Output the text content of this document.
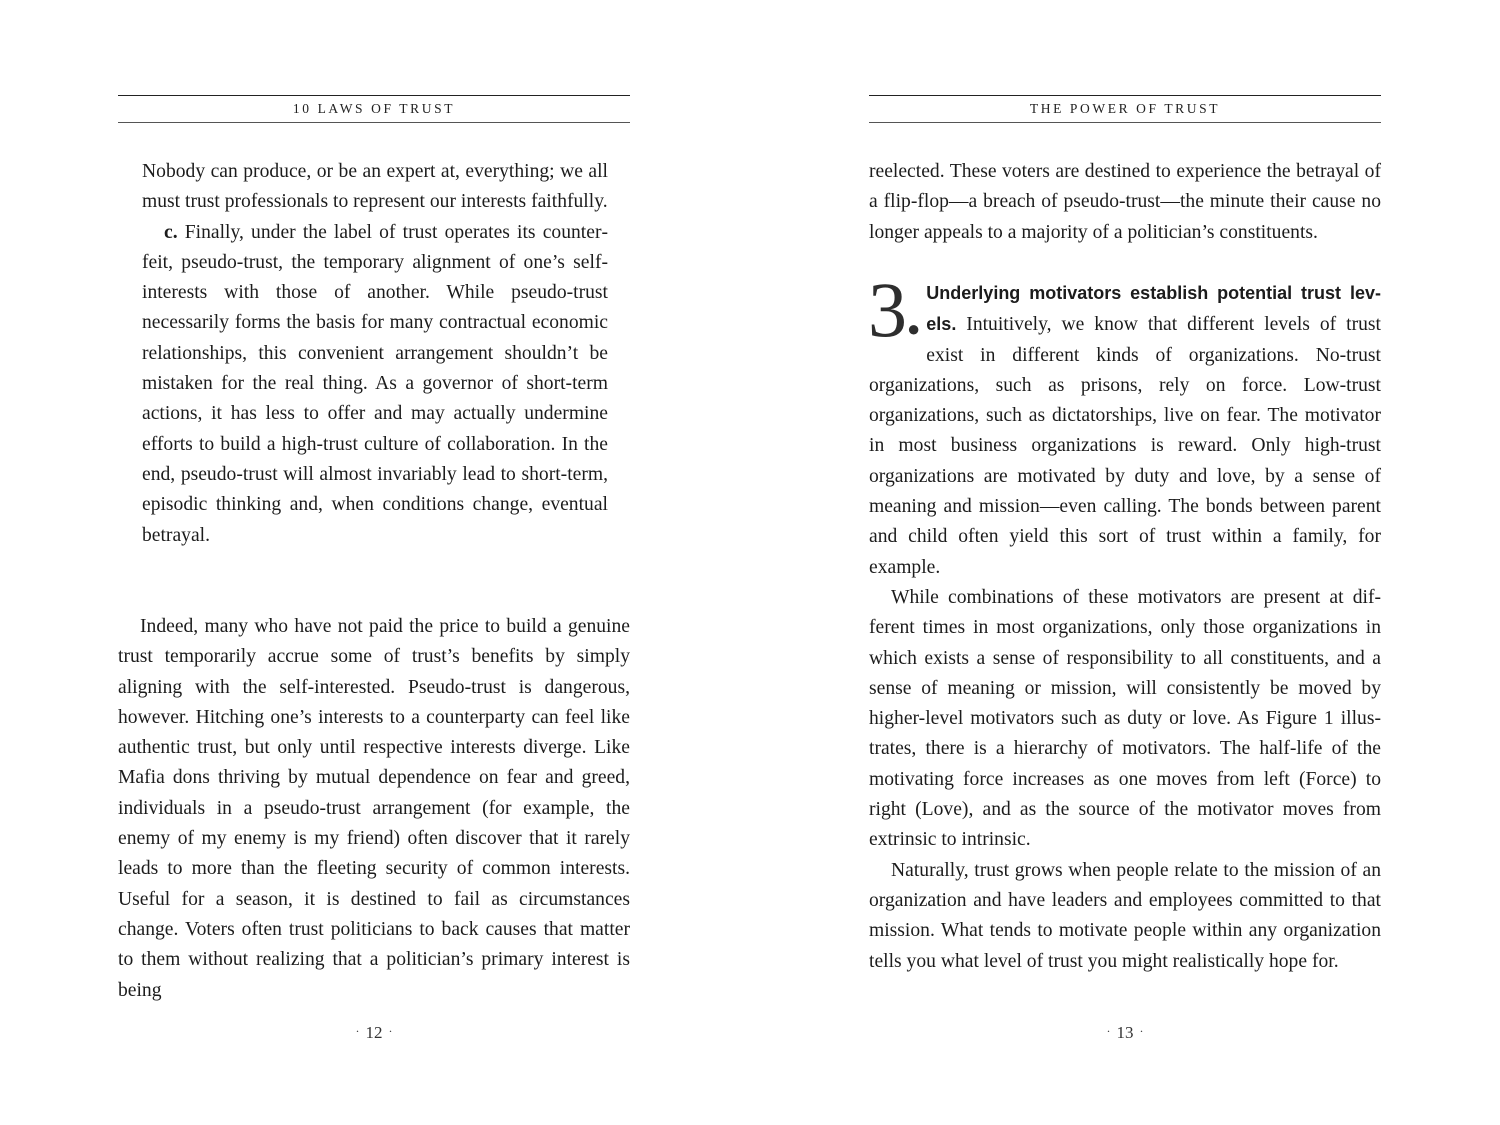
10 LAWS OF TRUST

Nobody can produce, or be an expert at, everything; we all must trust professionals to represent our interests faithfully.

c. Finally, under the label of trust operates its counterfeit, pseudo-trust, the temporary alignment of one’s self-interests with those of another. While pseudo-trust necessarily forms the basis for many contractual economic relationships, this convenient arrangement shouldn’t be mistaken for the real thing. As a governor of short-term actions, it has less to offer and may actually undermine efforts to build a high-trust culture of collaboration. In the end, pseudo-trust will almost invariably lead to short-term, episodic thinking and, when conditions change, eventual betrayal.

Indeed, many who have not paid the price to build a genuine trust temporarily accrue some of trust’s benefits by simply aligning with the self-interested. Pseudo-trust is dangerous, however. Hitching one’s interests to a counterparty can feel like authentic trust, but only until respective interests diverge. Like Mafia dons thriving by mutual dependence on fear and greed, individuals in a pseudo-trust arrangement (for example, the enemy of my enemy is my friend) often discover that it rarely leads to more than the fleeting security of common interests. Useful for a season, it is destined to fail as circumstances change. Voters often trust politicians to back causes that matter to them without realizing that a politician’s primary interest is being

· 12 ·
THE POWER OF TRUST

reelected. These voters are destined to experience the betrayal of a flip-flop—a breach of pseudo-trust—the minute their cause no longer appeals to a majority of a politician’s constituents.

3●
Underlying motivators establish potential trust levels. Intuitively, we know that different levels of trust exist in different kinds of organizations. No-trust organizations, such as prisons, rely on force. Low-trust organizations, such as dictatorships, live on fear. The motivator in most business organizations is reward. Only high-trust organizations are motivated by duty and love, by a sense of meaning and mission—even calling. The bonds between parent and child often yield this sort of trust within a family, for example.

While combinations of these motivators are present at different times in most organizations, only those organizations in which exists a sense of responsibility to all constituents, and a sense of meaning or mission, will consistently be moved by higher-level motivators such as duty or love. As Figure 1 illustrates, there is a hierarchy of motivators. The half-life of the motivating force increases as one moves from left (Force) to right (Love), and as the source of the motivator moves from extrinsic to intrinsic.

Naturally, trust grows when people relate to the mission of an organization and have leaders and employees committed to that mission. What tends to motivate people within any organization tells you what level of trust you might realistically hope for.

· 13 ·
